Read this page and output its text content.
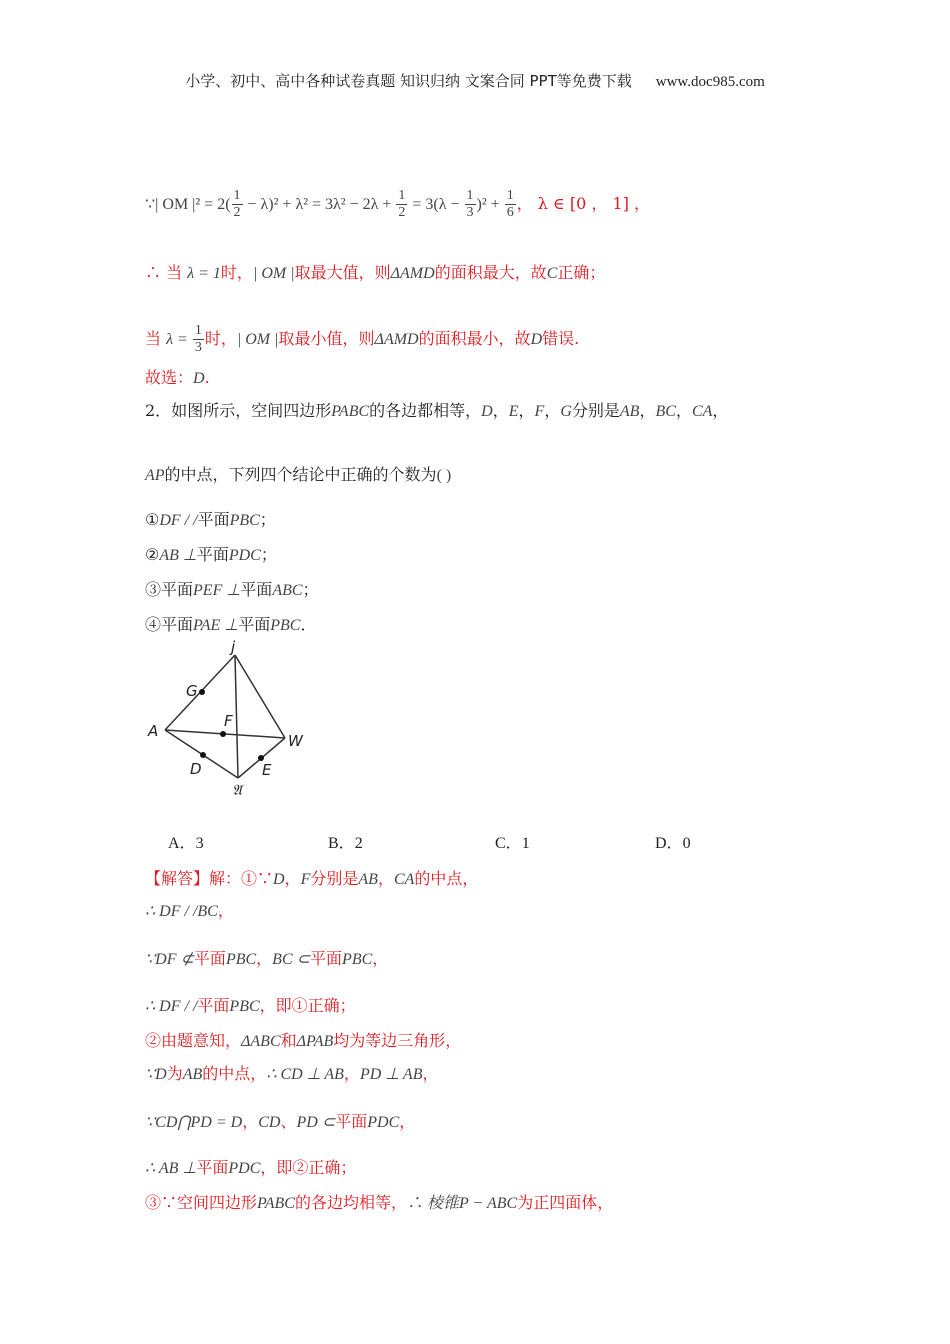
小学、初中、高中各种试卷真题 知识归纳 文案合同 PPT等免费下载 www.doc985.com
∵| OM $|^2 = 2( \frac{1}{2} - \lambda)^2 + \lambda^2 = 3\lambda^2 - 2\lambda + \frac{1}{2} = 3(\lambda - \frac{1}{3} )^2 + \frac{1}{6}$ ， λ ∈ [0 ， 1] ，
∴ 当 λ = 1时，| OM |取最大值，则ΔAMD的面积最大，故C正确；
当 $\lambda = \frac{1}{3}$ 时，| OM |取最小值，则ΔAMD的面积最小，故D错误.
故选：D.
2．如图所示，空间四边形PABC的各边都相等，D，E，F，G分别是AB，BC，CA，
AP的中点，下列四个结论中正确的个数为( )
①DF / /平面PBC；
②AB ⊥平面PDC；
③平面PEF ⊥平面ABC；
④平面PAE ⊥平面PBC．
j
A
G
F
W
D	E
𝔄
A．3	B．2	C．1	D．0
【解答】解：①∵D，F分别是AB，CA的中点，
∴ DF / /BC，
∵DF ⊄平面PBC，BC ⊂平面PBC，
∴ DF / /平面PBC，即①正确；
②由题意知，ΔABC和ΔPAB均为等边三角形，
∵D为AB的中点，∴ CD ⊥ AB，PD ⊥ AB，
∵CD⋂PD = D，CD、PD ⊂平面PDC，
∴ AB ⊥平面PDC，即②正确；
③∵空间四边形PABC的各边均相等，∴ 棱锥P − ABC为正四面体，
